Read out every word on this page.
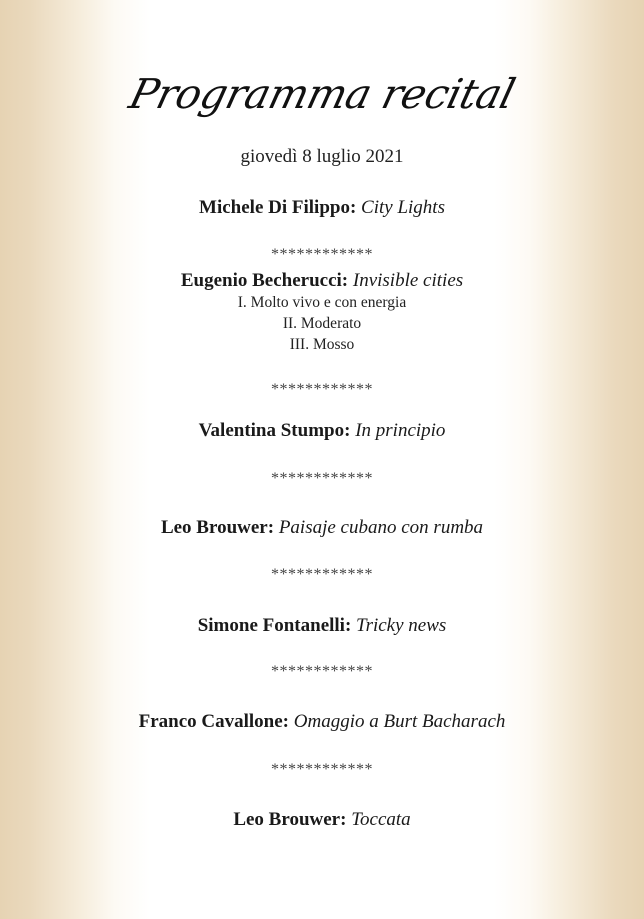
Programma recital
giovedì 8 luglio 2021
Michele Di Filippo: City Lights
************
Eugenio Becherucci: Invisible cities
I. Molto vivo e con energia
II. Moderato
III. Mosso
************
Valentina Stumpo: In principio
************
Leo Brouwer: Paisaje cubano con rumba
************
Simone Fontanelli: Tricky news
************
Franco Cavallone: Omaggio a Burt Bacharach
************
Leo Brouwer: Toccata
